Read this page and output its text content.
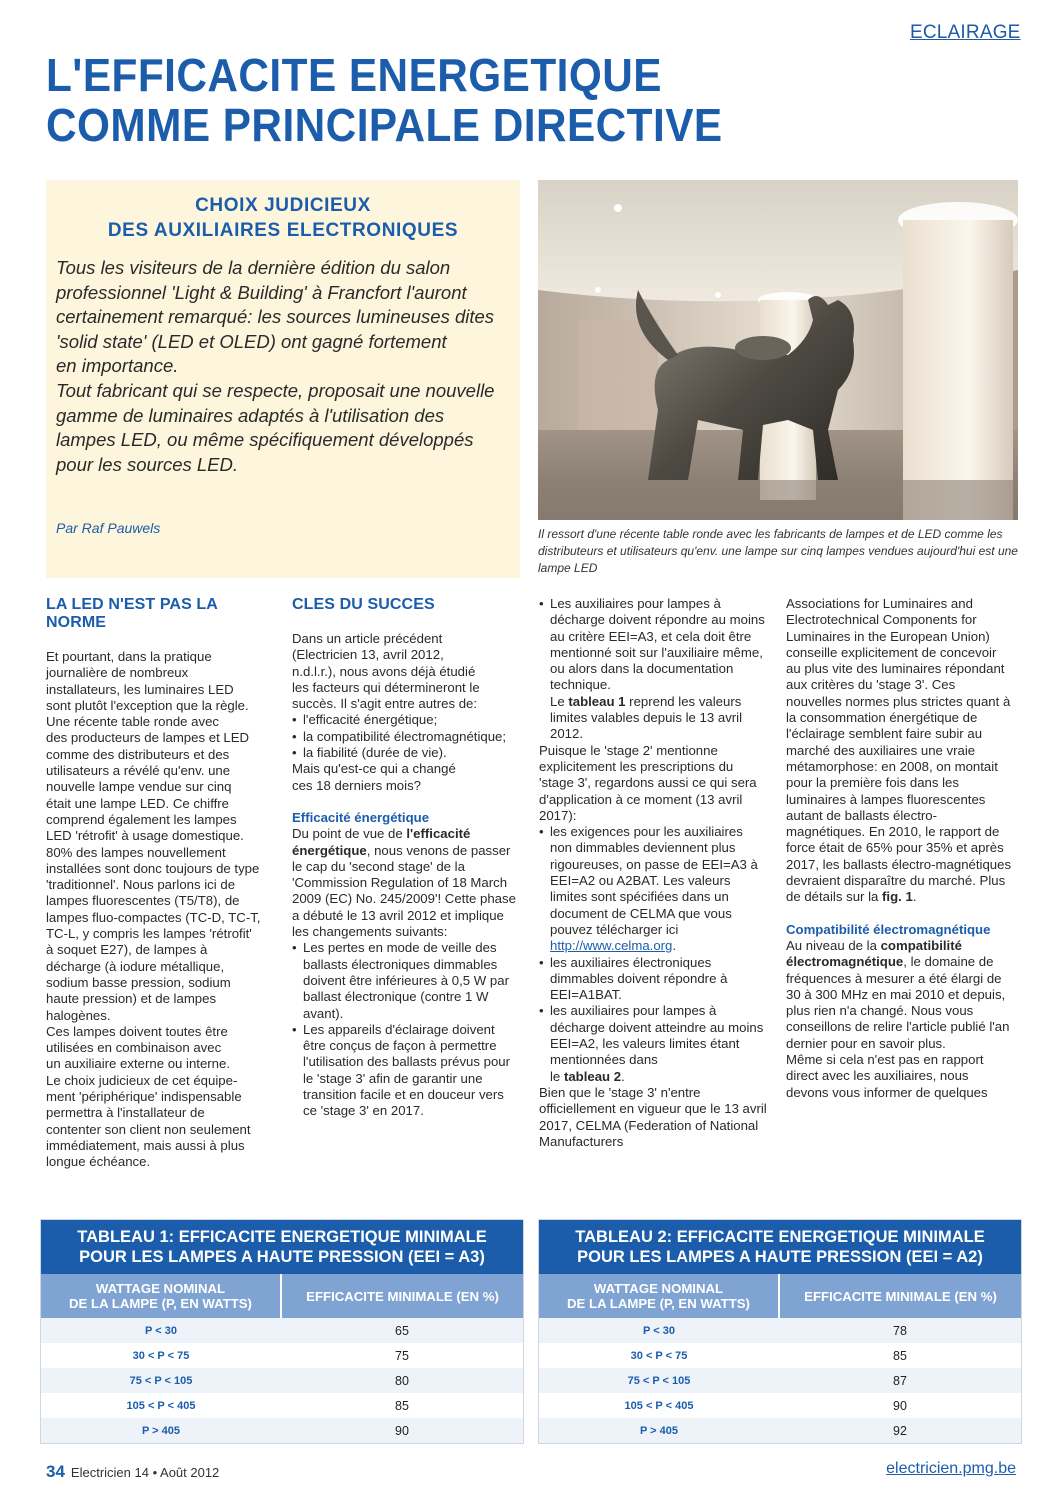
ECLAIRAGE
L'EFFICACITE ENERGETIQUE
COMME PRINCIPALE DIRECTIVE
CHOIX JUDICIEUX
DES AUXILIAIRES ELECTRONIQUES

Tous les visiteurs de la dernière édition du salon

professionnel 'Light & Building' à Francfort l'auront

certainement remarqué: les sources lumineuses dites

'solid state' (LED et OLED) ont gagné fortement

en importance.

Tout fabricant qui se respecte, proposait une nouvelle

gamme de luminaires adaptés à l'utilisation des

lampes LED, ou même spécifiquement développés

pour les sources LED.

Par Raf Pauwels	Il ressort d'une récente table ronde avec les fabricants de lampes et de LED comme les distributeurs et utilisateurs qu'env. une lampe sur cinq lampes vendues aujourd'hui est une lampe LED
LA LED N'EST PAS LA NORME

Et pourtant, dans la pratique

journalière de nombreux

installateurs, les luminaires LED

sont plutôt l'exception que la règle.

Une récente table ronde avec

des producteurs de lampes et LED

comme des distributeurs et des

utilisateurs a révélé qu'env. une

nouvelle lampe vendue sur cinq

était une lampe LED. Ce chiffre

comprend également les lampes

LED 'rétrofit' à usage domestique.

80% des lampes nouvellement

installées sont donc toujours de type

'traditionnel'. Nous parlons ici de

lampes fluorescentes (T5/T8), de

lampes fluo-compactes (TC-D, TC-T,

TC-L, y compris les lampes 'rétrofit'

à soquet E27), de lampes à

décharge (à iodure métallique,

sodium basse pression, sodium

haute pression) et de lampes

halogènes.

Ces lampes doivent toutes être

utilisées en combinaison avec

un auxiliaire externe ou interne.

Le choix judicieux de cet équipe-

ment 'périphérique' indispensable

permettra à l'installateur de

contenter son client non seulement

immédiatement, mais aussi à plus

longue échéance.

CLES DU SUCCES

Dans un article précédent

(Electricien 13, avril 2012,

n.d.l.r.), nous avons déjà étudié

les facteurs qui détermineront le

succès. Il s'agit entre autres de:

• l'efficacité énergétique;
• la compatibilité électromagnétique;
• la fiabilité (durée de vie).

Mais qu'est-ce qui a changé

ces 18 derniers mois?

Efficacité énergétique

Du point de vue de l'efficacité énergétique, nous venons de passer le cap du 'second stage' de la 'Commission Regulation of 18 March 2009 (EC) No. 245/2009'! Cette phase a débuté le 13 avril 2012 et implique les changements suivants:

• Les pertes en mode de veille des ballasts électroniques dimmables doivent être inférieures à 0,5 W par ballast électronique (contre 1 W avant).
• Les appareils d'éclairage doivent être conçus de façon à permettre l'utilisation des ballasts prévus pour le 'stage 3' afin de garantir une transition facile et en douceur vers ce 'stage 3' en 2017.
• Les auxiliaires pour lampes à décharge doivent répondre au moins au critère EEI=A3, et cela doit être mentionné soit sur l'auxiliaire même, ou alors dans la documentation technique.

Le tableau 1 reprend les valeurs limites valables depuis le 13 avril 2012.

Puisque le 'stage 2' mentionne explicitement les prescriptions du 'stage 3', regardons aussi ce qui sera d'application à ce moment (13 avril 2017):

• les exigences pour les auxiliaires non dimmables deviennent plus rigoureuses, on passe de EEI=A3 à EEI=A2 ou A2BAT. Les valeurs limites sont spécifiées dans un document de CELMA que vous pouvez télécharger ici http://www.celma.org.
• les auxiliaires électroniques dimmables doivent répondre à EEI=A1BAT.
• les auxiliaires pour lampes à décharge doivent atteindre au moins EEI=A2, les valeurs limites étant mentionnées dans

le tableau 2.

Bien que le 'stage 3' n'entre officiellement en vigueur que le 13 avril 2017, CELMA (Federation of National Manufacturers

Associations for Luminaires and Electrotechnical Components for Luminaires in the European Union) conseille explicitement de concevoir au plus vite des luminaires répondant aux critères du 'stage 3'. Ces nouvelles normes plus strictes quant à la consommation énergétique de l'éclairage semblent faire subir au marché des auxiliaires une vraie métamorphose: en 2008, on montait pour la première fois dans les luminaires à lampes fluorescentes autant de ballasts électro-magnétiques. En 2010, le rapport de force était de 65% pour 35% et après 2017, les ballasts électro-magnétiques devraient disparaître du marché. Plus de détails sur la fig. 1.

Compatibilité électromagnétique

Au niveau de la compatibilité électromagnétique, le domaine de fréquences à mesurer a été élargi de 30 à 300 MHz en mai 2010 et depuis, plus rien n'a changé. Nous vous conseillons de relire l'article publié l'an dernier pour en savoir plus.

Même si cela n'est pas en rapport direct avec les auxiliaires, nous devons vous informer de quelques

TABLEAU 1: EFFICACITE ENERGETIQUE MINIMALE
POUR LES LAMPES A HAUTE PRESSION (EEI = A3)
WATTAGE NOMINAL
DE LA LAMPE (P, EN WATTS)	EFFICACITE MINIMALE (EN %)
P < 30	65
30 < P < 75	75
75 < P < 105	80
105 < P < 405	85
P > 405	90
TABLEAU 2: EFFICACITE ENERGETIQUE MINIMALE
POUR LES LAMPES A HAUTE PRESSION (EEI = A2)
WATTAGE NOMINAL
DE LA LAMPE (P, EN WATTS)	EFFICACITE MINIMALE (EN %)
P < 30	78
30 < P < 75	85
75 < P < 105	87
105 < P < 405	90
P > 405	92
34 Electricien 14 • Août 2012	electricien.pmg.be
